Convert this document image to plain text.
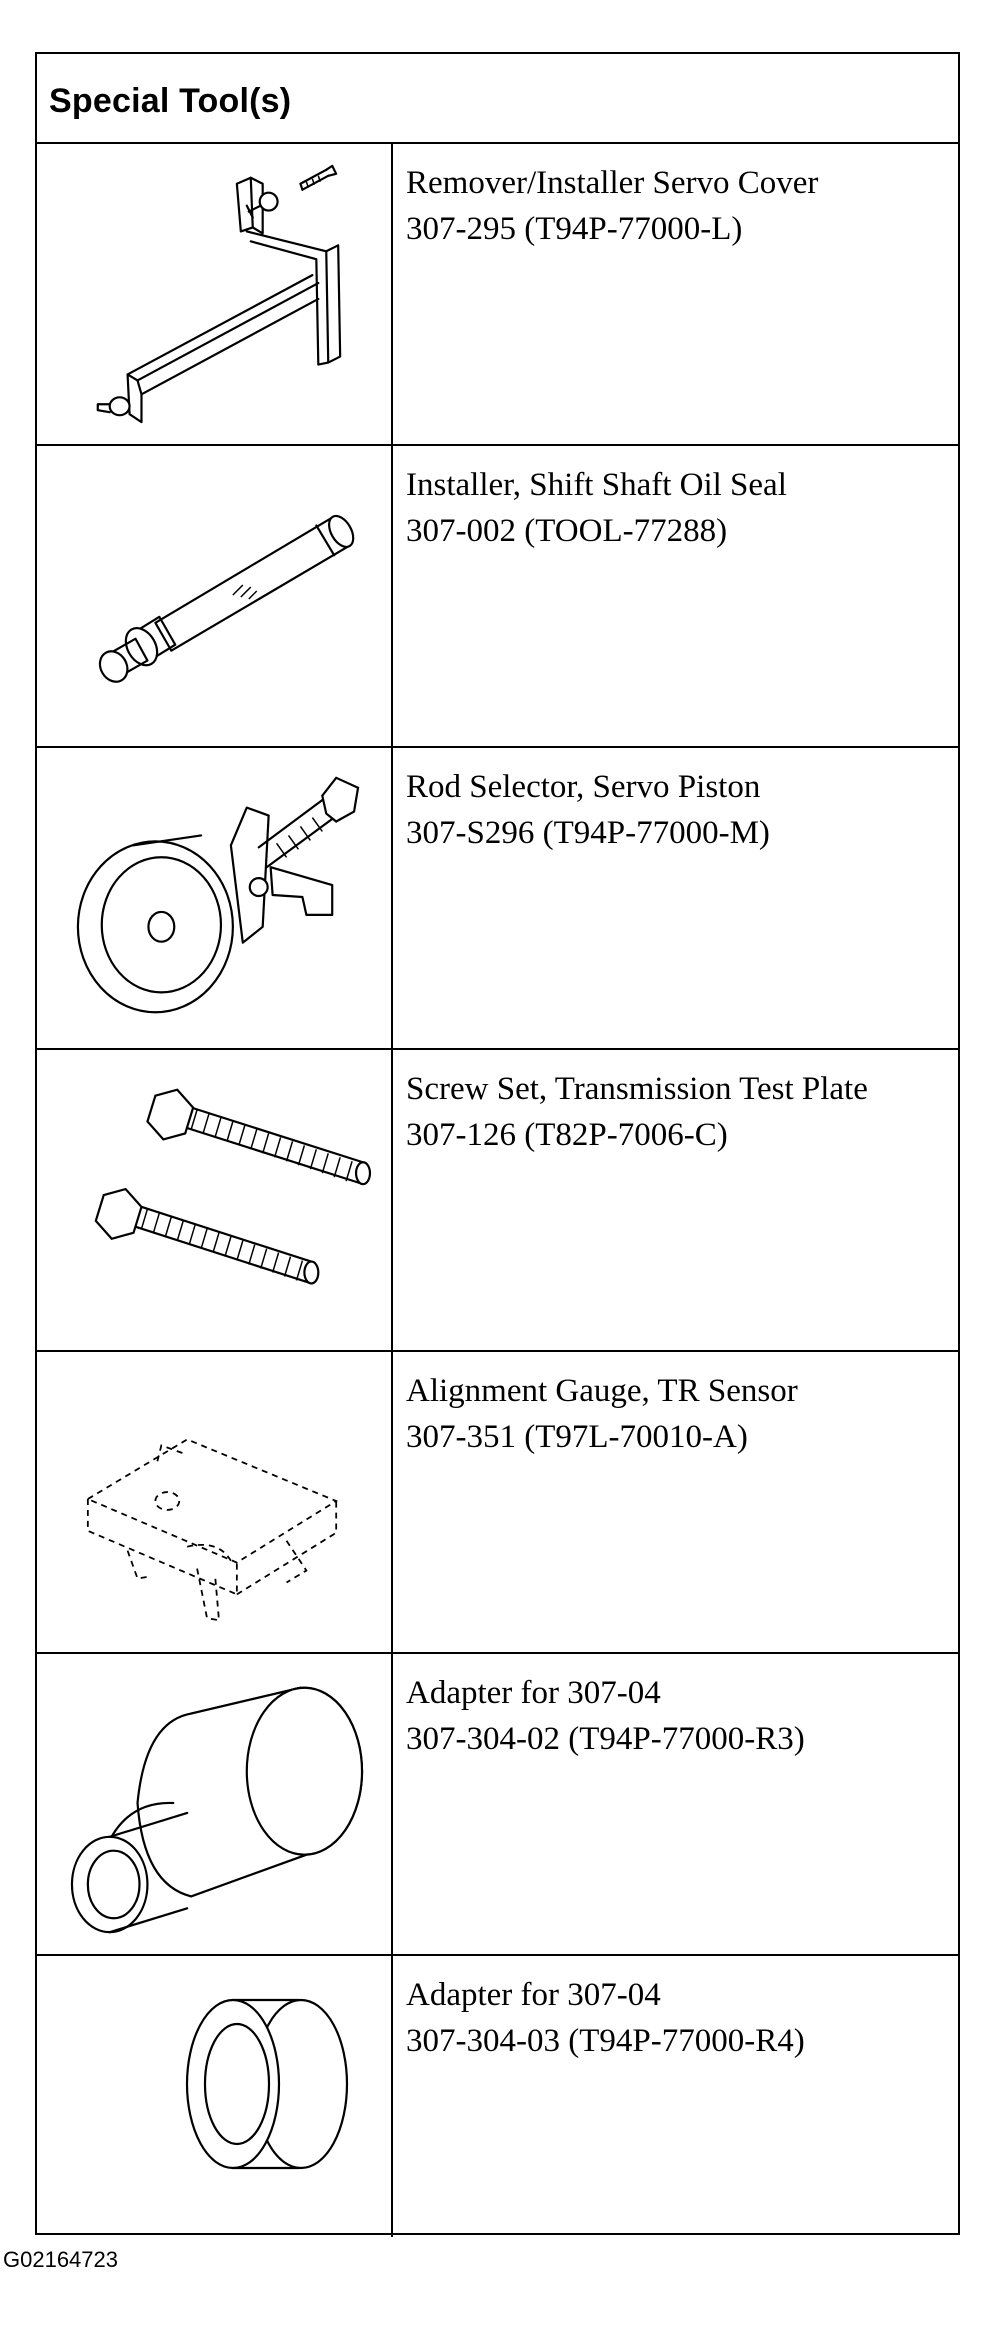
Special Tool(s)
Remover/Installer Servo Cover
307-295 (T94P-77000-L)
Installer, Shift Shaft Oil Seal
307-002 (TOOL-77288)
Rod Selector, Servo Piston
307-S296 (T94P-77000-M)
Screw Set, Transmission Test Plate
307-126 (T82P-7006-C)
Alignment Gauge, TR Sensor
307-351 (T97L-70010-A)
Adapter for 307-04
307-304-02 (T94P-77000-R3)
Adapter for 307-04
307-304-03 (T94P-77000-R4)
G02164723
